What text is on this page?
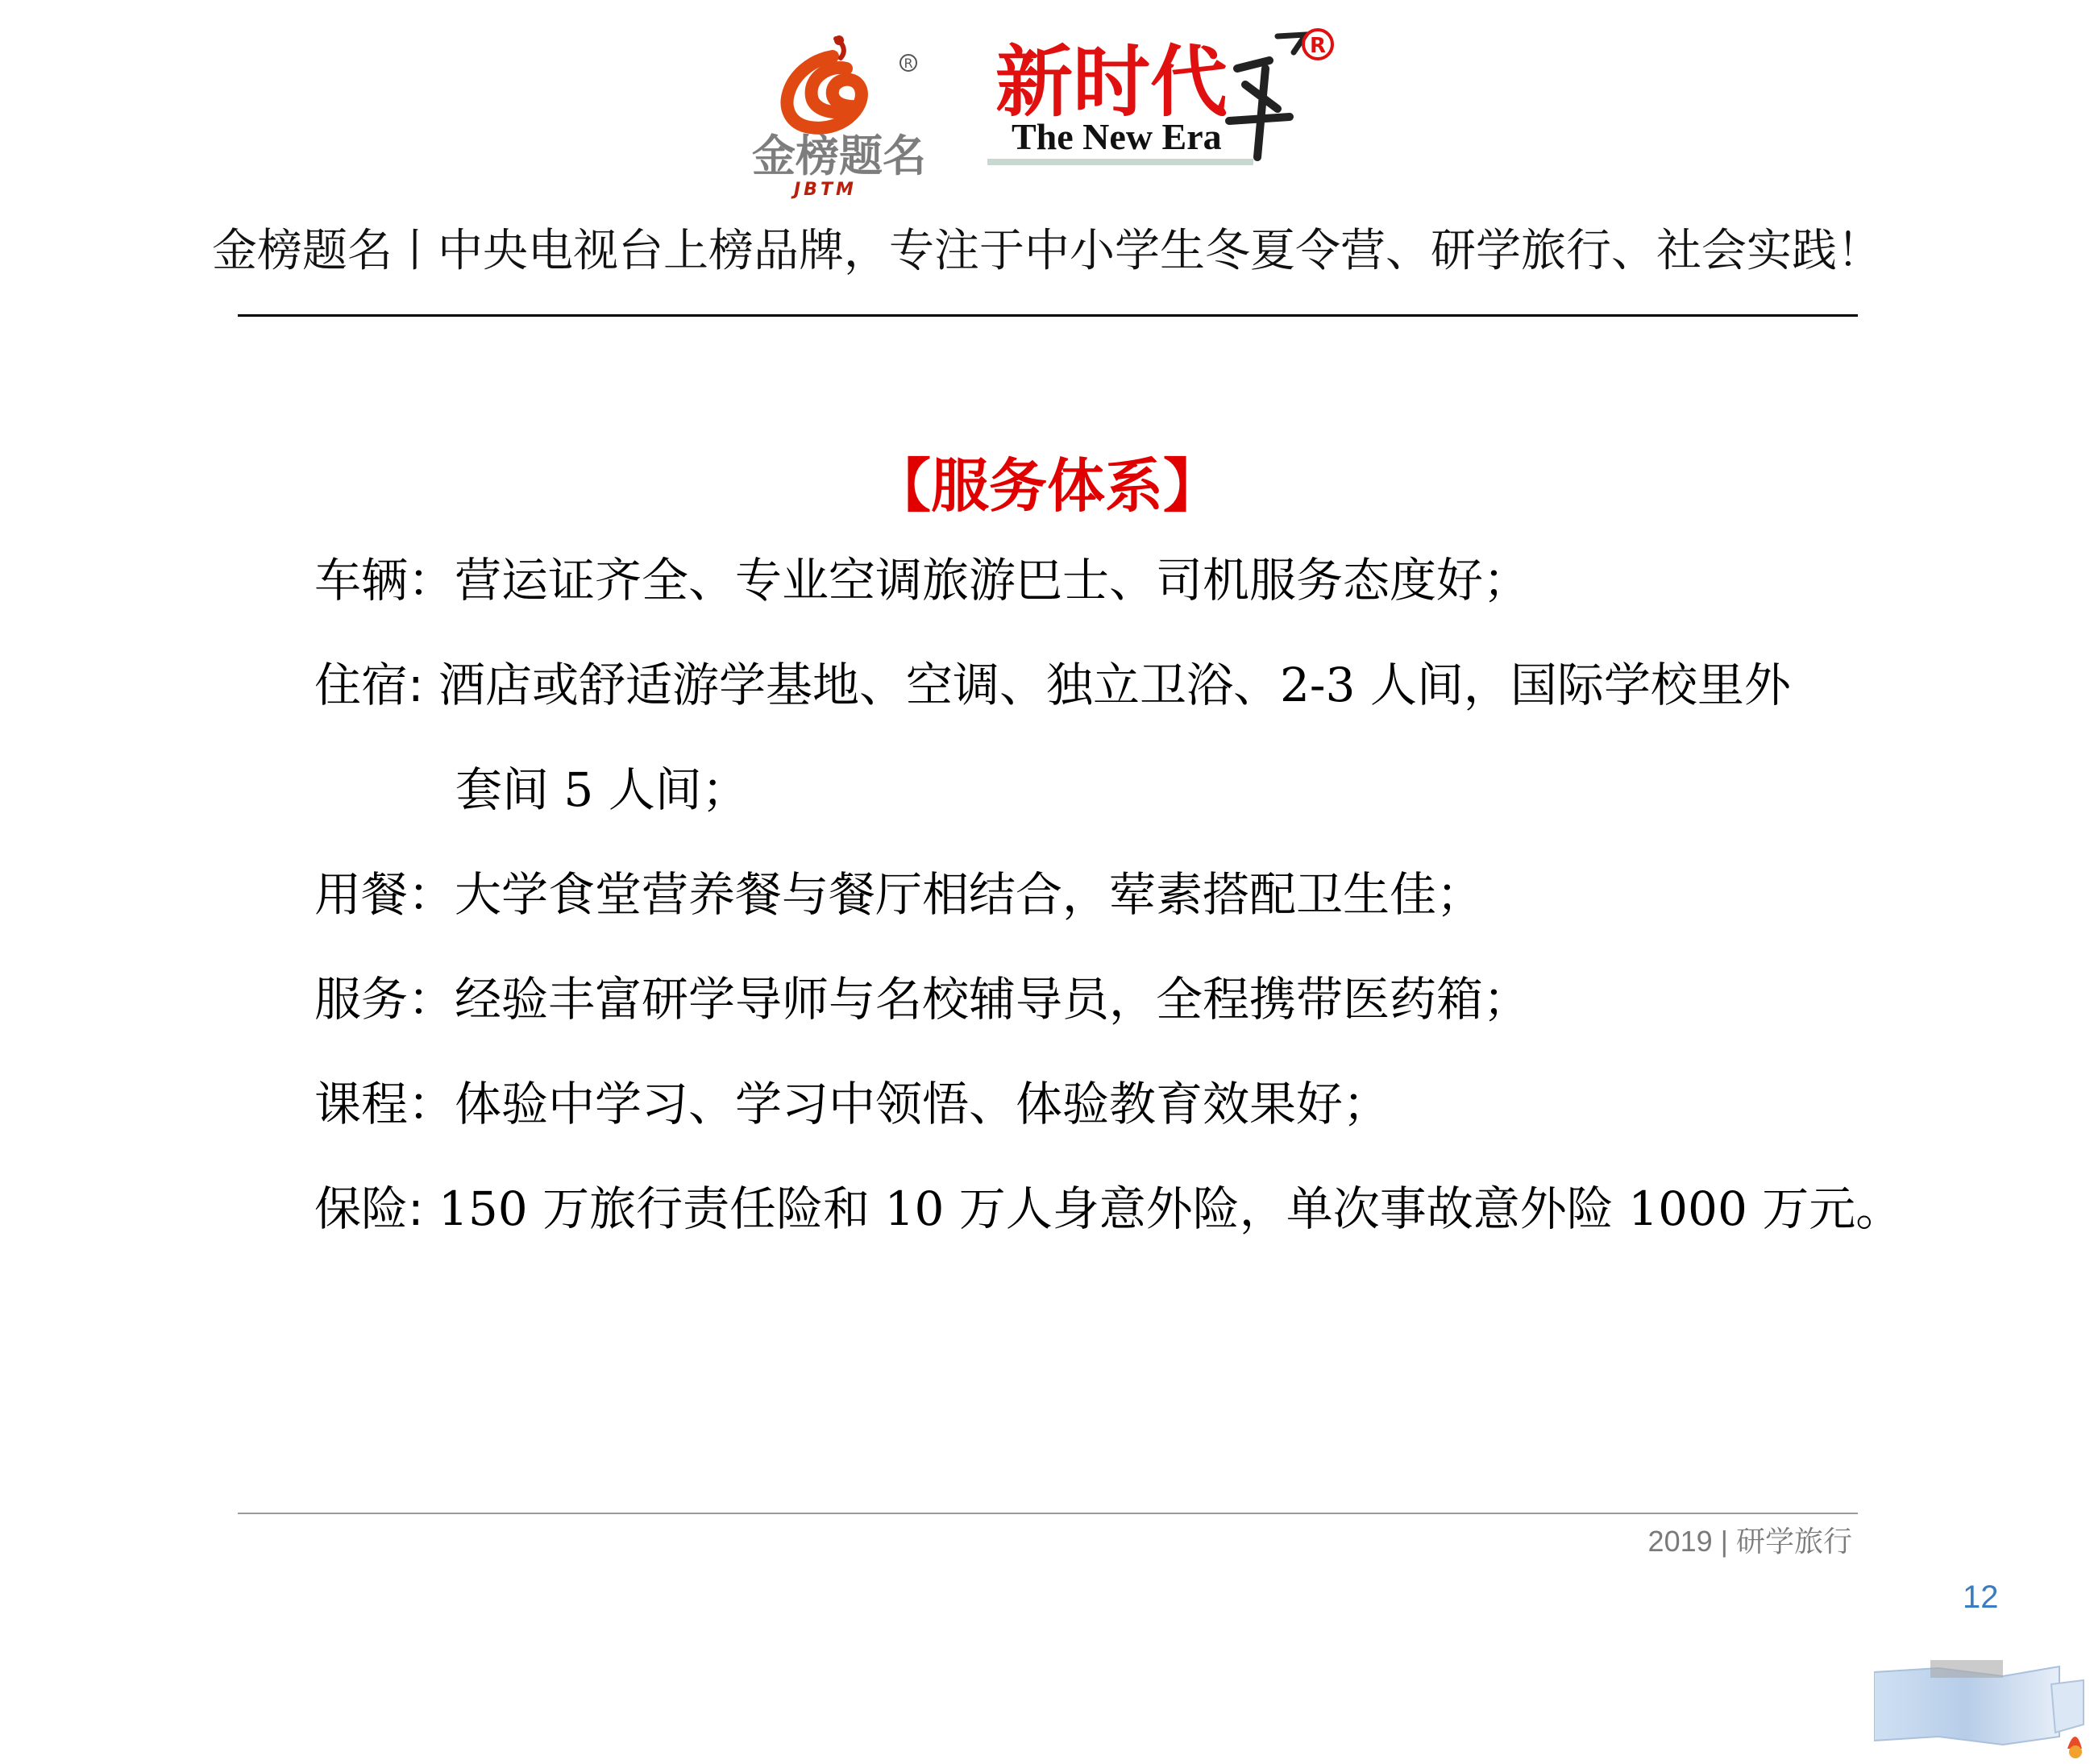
R
金榜题名
JBTM
新时代
The New Era
R
金榜题名丨中央电视台上榜品牌，专注于中小学生冬夏令营、研学旅行、社会实践！
【服务体系】
车辆：营运证齐全、专业空调旅游巴士、司机服务态度好；
住宿: 酒店或舒适游学基地、空调、独立卫浴、2-3 人间，国际学校里外
套间 5 人间；
用餐：大学食堂营养餐与餐厅相结合，荤素搭配卫生佳；
服务：经验丰富研学导师与名校辅导员，全程携带医药箱；
课程：体验中学习、学习中领悟、体验教育效果好；
保险: 150 万旅行责任险和 10 万人身意外险，单次事故意外险 1000 万元。
2019 | 研学旅行
12
